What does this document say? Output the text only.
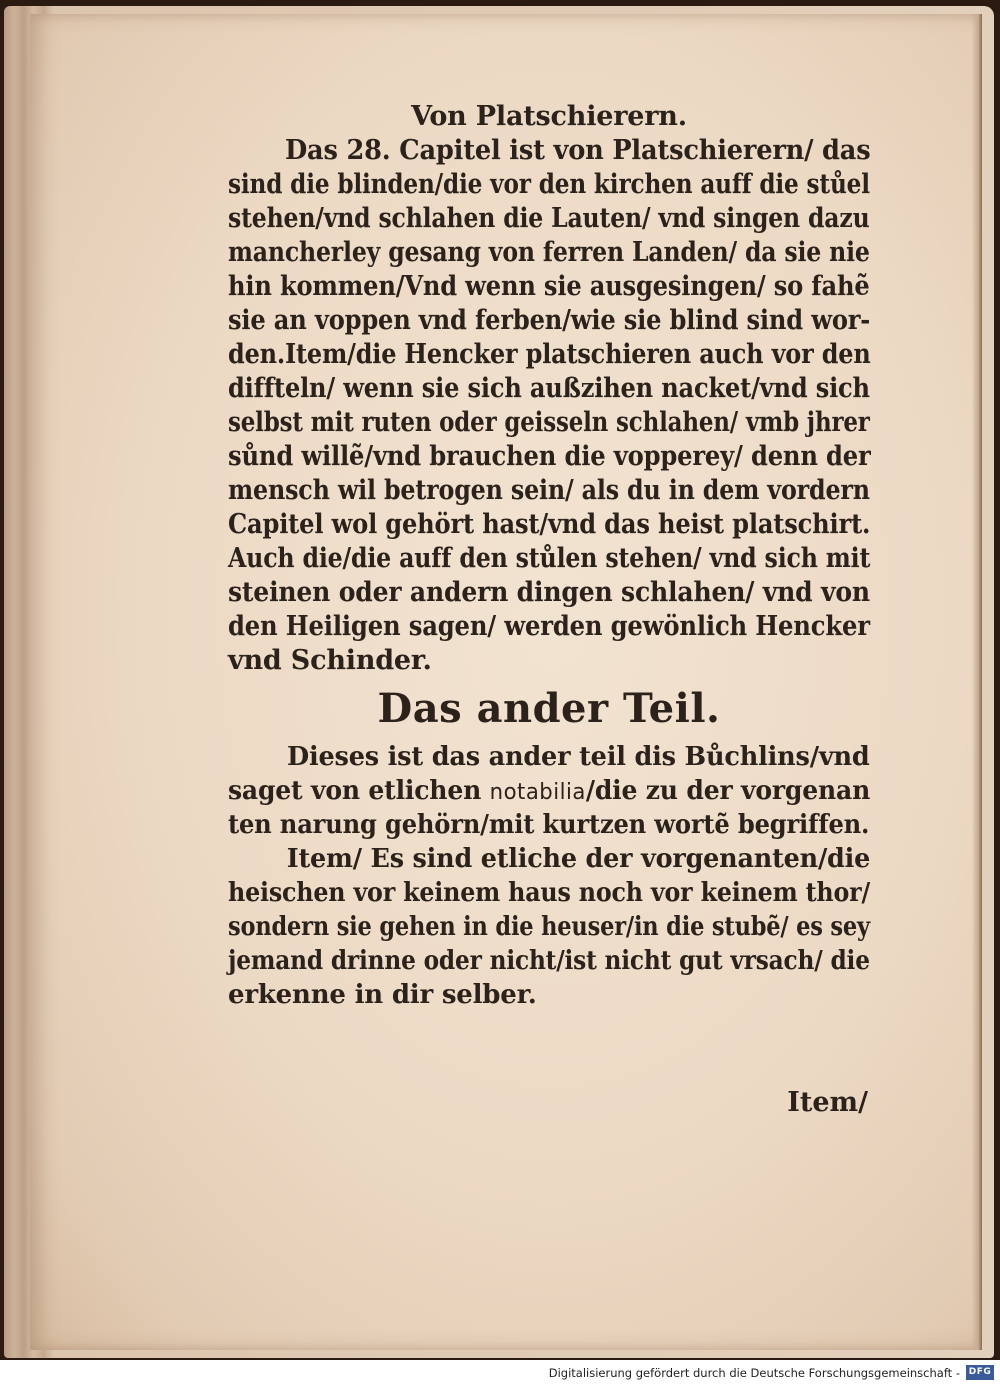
Von Platschierern.
Das 28. Capitel ist von Platschierern/ das
sind die blinden/die vor den kirchen auff die stůel
stehen/vnd schlahen die Lauten/ vnd singen dazu
mancherley gesang von ferren Landen/ da sie nie
hin kommen/Vnd wenn sie ausgesingen/ so fahẽ
sie an voppen vnd ferben/wie sie blind sind wor-
den.Item/die Hencker platschieren auch vor den
diffteln/ wenn sie sich außzihen nacket/vnd sich
selbst mit ruten oder geisseln schlahen/ vmb jhrer
sůnd willẽ/vnd brauchen die vopperey/ denn der
mensch wil betrogen sein/ als du in dem vordern
Capitel wol gehört hast/vnd das heist platschirt.
Auch die/die auff den stůlen stehen/ vnd sich mit
steinen oder andern dingen schlahen/ vnd von
den Heiligen sagen/ werden gewönlich Hencker
vnd Schinder.
Das ander Teil.
Dieses ist das ander teil dis Bůchlins/vnd
saget von etlichen notabilia/die zu der vorgenan
ten narung gehörn/mit kurtzen wortẽ begriffen.
Item/ Es sind etliche der vorgenanten/die
heischen vor keinem haus noch vor keinem thor/
sondern sie gehen in die heuser/in die stubẽ/ es sey
jemand drinne oder nicht/ist nicht gut vrsach/ die
erkenne in dir selber.
Item/
Digitalisierung gefördert durch die Deutsche Forschungsgemeinschaft - DFG
